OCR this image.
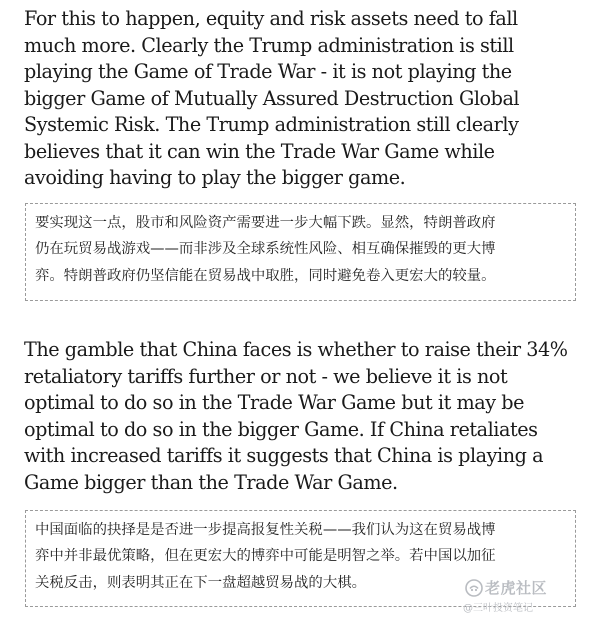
For this to happen, equity and risk assets need to fall
much more. Clearly the Trump administration is still
playing the Game of Trade War - it is not playing the
bigger Game of Mutually Assured Destruction Global
Systemic Risk. The Trump administration still clearly
believes that it can win the Trade War Game while
avoiding having to play the bigger game.
要实现这一点，股市和风险资产需要进一步大幅下跌。显然，特朗普政府
仍在玩贸易战游戏——而非涉及全球系统性风险、相互确保摧毁的更大博
弈。特朗普政府仍坚信能在贸易战中取胜，同时避免卷入更宏大的较量。
The gamble that China faces is whether to raise their 34%
retaliatory tariffs further or not - we believe it is not
optimal to do so in the Trade War Game but it may be
optimal to do so in the bigger Game. If China retaliates
with increased tariffs it suggests that China is playing a
Game bigger than the Trade War Game.
中国面临的抉择是是否进一步提高报复性关税——我们认为这在贸易战博
弈中并非最优策略，但在更宏大的博弈中可能是明智之举。若中国以加征
关税反击，则表明其正在下一盘超越贸易战的大棋。	老虎社区
@三叶投资笔记
